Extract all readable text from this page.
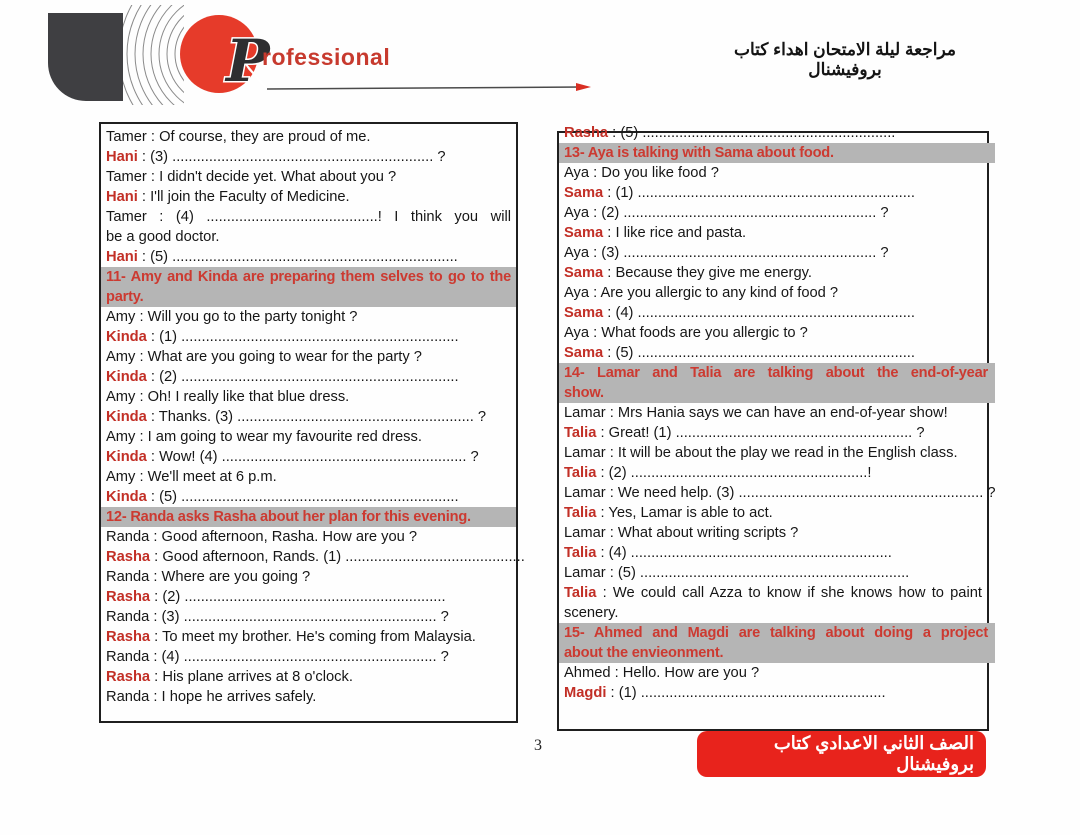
P
rofessional	مراجعة ليلة الامتحان اهداء كتاب بروفيشنال
Tamer : Of course, they are proud of me.
Hani : (3) ................................................................ ?
Tamer : I didn't decide yet. What about you ?
Hani : I'll join the Faculty of Medicine.
Tamer : (4) ..........................................! I think you will
be a good doctor.
Hani : (5) ......................................................................
11- Amy and Kinda are preparing them selves to go to the
party.
Amy : Will you go to the party tonight ?
Kinda : (1) ....................................................................
Amy : What are you going to wear for the party ?
Kinda : (2) ....................................................................
Amy : Oh! I really like that blue dress.
Kinda : Thanks. (3) .......................................................... ?
Amy : I am going to wear my favourite red dress.
Kinda : Wow! (4) ............................................................ ?
Amy : We'll meet at 6 p.m.
Kinda : (5) ....................................................................
12- Randa asks Rasha about her plan for this evening.
Randa : Good afternoon, Rasha. How are you ?
Rasha : Good afternoon, Rands. (1) ............................................
Randa : Where are you going ?
Rasha : (2) ................................................................
Randa : (3) .............................................................. ?
Rasha : To meet my brother. He's coming from Malaysia.
Randa : (4) .............................................................. ?
Rasha : His plane arrives at 8 o'clock.
Randa : I hope he arrives safely.
Rasha : (5) ..............................................................
13- Aya is talking with Sama about food.
Aya : Do you like food ?
Sama : (1) ....................................................................
Aya : (2) .............................................................. ?
Sama : I like rice and pasta.
Aya : (3) .............................................................. ?
Sama : Because they give me energy.
Aya : Are you allergic to any kind of food ?
Sama : (4) ....................................................................
Aya : What foods are you allergic to ?
Sama : (5) ....................................................................
14- Lamar and Talia are talking about the end-of-year
show.
Lamar : Mrs Hania says we can have an end-of-year show!
Talia : Great! (1) .......................................................... ?
Lamar : It will be about the play we read in the English class.
Talia : (2) ..........................................................!
Lamar : We need help. (3) ............................................................ ?
Talia : Yes, Lamar is able to act.
Lamar : What about writing scripts ?
Talia : (4) ................................................................
Lamar : (5) ..................................................................
Talia : We could call Azza to know if she knows how to paint
scenery.
15- Ahmed and Magdi are talking about doing a project
about the envieonment.
Ahmed : Hello. How are you ?
Magdi : (1) ............................................................
3	الصف الثاني الاعدادي كتاب بروفيشنال
